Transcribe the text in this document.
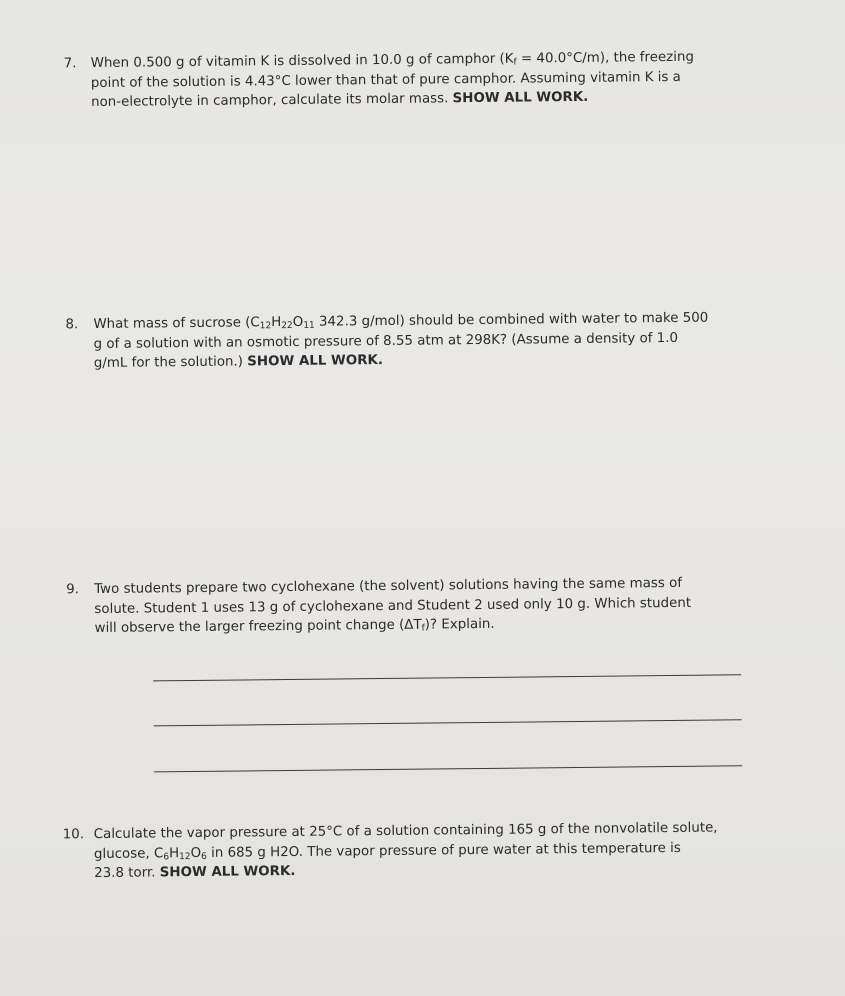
7. When 0.500 g of vitamin K is dissolved in 10.0 g of camphor $(K_f = 40.0^\circ C/m)$, the freezing
point of the solution is 4.43°C lower than that of pure camphor. Assuming vitamin K is a
non-electrolyte in camphor, calculate its molar mass. SHOW ALL WORK.
8. What mass of sucrose ($C_{12}H_{22}O_{11}$ 342.3 g/mol) should be combined with water to make 500
g of a solution with an osmotic pressure of 8.55 atm at 298K? (Assume a density of 1.0
g/mL for the solution.) SHOW ALL WORK.
9. Two students prepare two cyclohexane (the solvent) solutions having the same mass of
solute. Student 1 uses 13 g of cyclohexane and Student 2 used only 10 g. Which student
will observe the larger freezing point change $(\Delta T_f)$? Explain.
10. Calculate the vapor pressure at 25°C of a solution containing 165 g of the nonvolatile solute,
glucose, $C_6H_{12}O_6$ in 685 g H2O. The vapor pressure of pure water at this temperature is
23.8 torr. SHOW ALL WORK.
